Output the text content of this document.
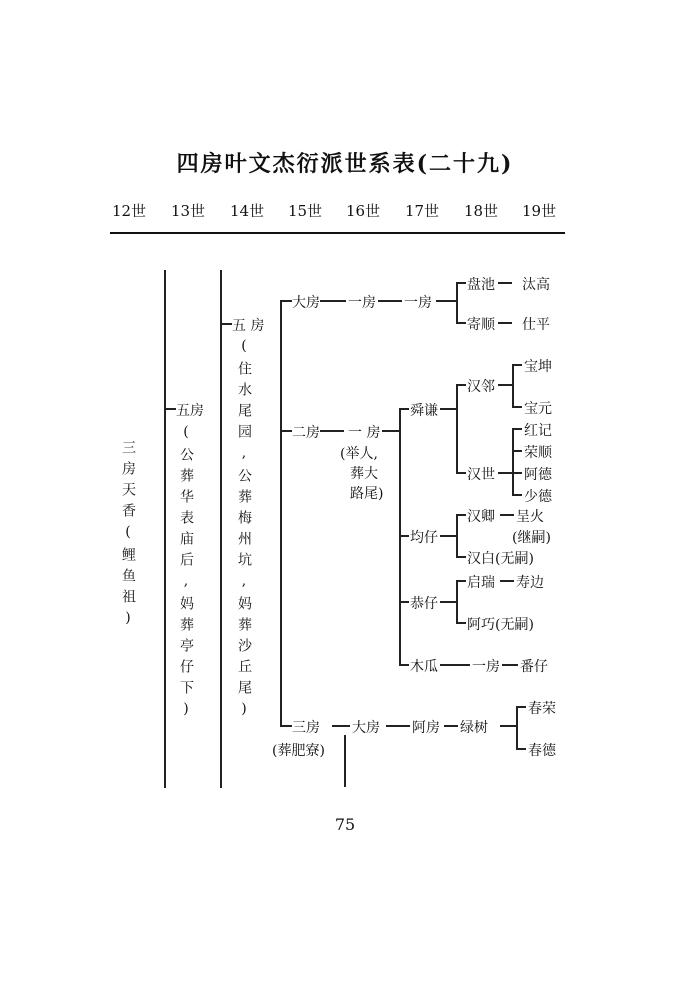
四房叶文杰衍派世系表(二十九)
12世 13世 14世 15世 16世 17世 18世 19世
三房天香(鲤鱼祖)
五房
(公葬华表庙后,妈葬亭仔下)
五 房
(住水尾园,公葬梅州坑,妈葬沙丘尾)
大房
二房
三房
(葬肥寮)
一房
一 房
(举人,
葬大
路尾)
大房
一房
舜谦
均仔
恭仔
木瓜
阿房
盘池
寄顺
汉邻
汉世
汉卿
汉白(无嗣)
启瑞
阿巧(无嗣)
一房
绿树
汰高
仕平
宝坤
宝元
红记
荣顺
阿德
少德
呈火
(继嗣)
寿边
番仔
春荣
春德
75
